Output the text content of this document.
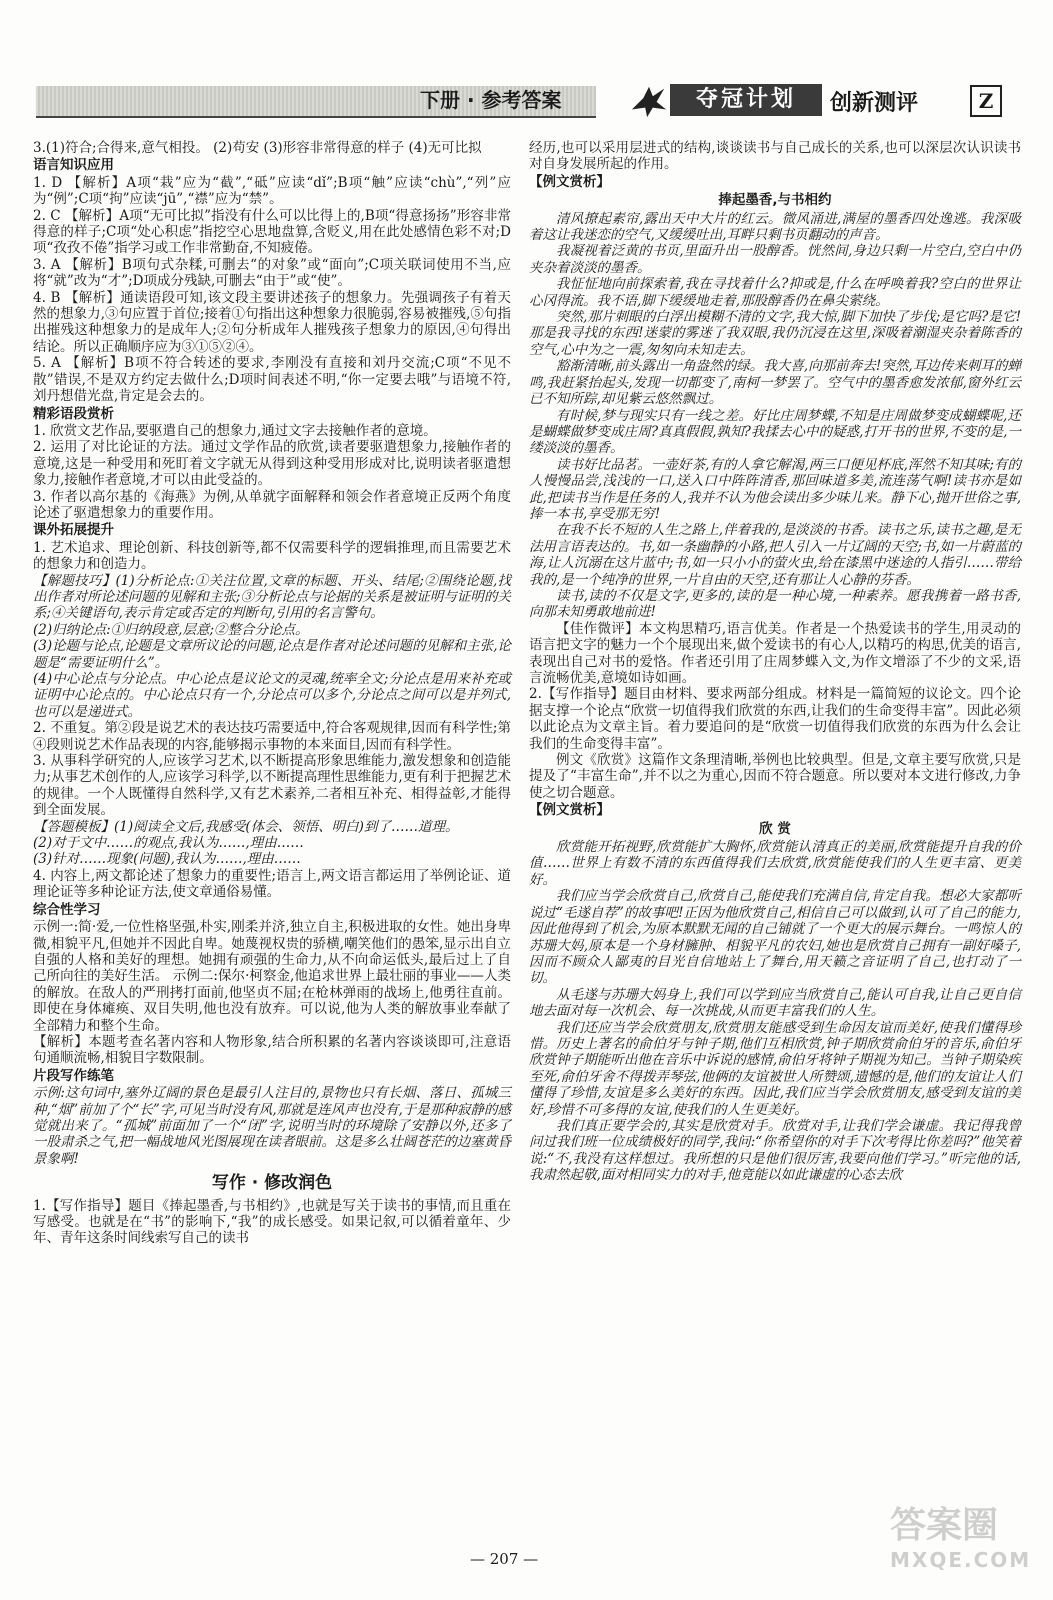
下册 · 参考答案	夺冠计划	创新测评	Z

3.(1)符合;合得来,意气相投。 (2)苟安 (3)形容非常得意的样子 (4)无可比拟

语言知识应用

1. D 【解析】A项“栽”应为“截”,“砥”应读“dǐ”;B项“触”应读“chù”,“列”应为“例”;C项“拘”应读“jū”,“襟”应为“禁”。

2. C 【解析】A项“无可比拟”指没有什么可以比得上的,B项“得意扬扬”形容非常得意的样子;C项“处心积虑”指挖空心思地盘算,含贬义,用在此处感情色彩不对;D项“孜孜不倦”指学习或工作非常勤奋,不知疲倦。

3. A 【解析】B项句式杂糅,可删去“的对象”或“面向”;C项关联词使用不当,应将“就”改为“才”;D项成分残缺,可删去“由于”或“使”。

4. B 【解析】通读语段可知,该文段主要讲述孩子的想象力。先强调孩子有着天然的想象力,③句应置于首位;接着①句指出这种想象力很脆弱,容易被摧残,⑤句指出摧残这种想象力的是成年人;②句分析成年人摧残孩子想象力的原因,④句得出结论。所以正确顺序应为③①⑤②④。

5. A 【解析】B项不符合转述的要求,李刚没有直接和刘丹交流;C项“不见不散”错误,不是双方约定去做什么;D项时间表述不明,“你一定要去哦”与语境不符,刘丹想借光盘,肯定是会去的。

精彩语段赏析

1. 欣赏文艺作品,要驱遣自己的想象力,通过文字去接触作者的意境。

2. 运用了对比论证的方法。通过文学作品的欣赏,读者要驱遣想象力,接触作者的意境,这是一种受用和死盯着文字就无从得到这种受用形成对比,说明读者驱遣想象力,接触作者意境,才可以由此受益的。

3. 作者以高尔基的《海燕》为例,从单就字面解释和领会作者意境正反两个角度论述了驱遣想象力的重要作用。

课外拓展提升

1. 艺术追求、理论创新、科技创新等,都不仅需要科学的逻辑推理,而且需要艺术的想象力和创造力。

【解题技巧】(1)分析论点:①关注位置,文章的标题、开头、结尾;②围绕论题,找出作者对所论述问题的见解和主张;③分析论点与论据的关系是被证明与证明的关系;④关键语句,表示肯定或否定的判断句,引用的名言警句。

(2)归纳论点:①归纳段意,层意;②整合分论点。

(3)论题与论点,论题是文章所议论的问题,论点是作者对论述问题的见解和主张,论题是“需要证明什么”。

(4)中心论点与分论点。中心论点是议论文的灵魂,统率全文;分论点是用来补充或证明中心论点的。中心论点只有一个,分论点可以多个,分论点之间可以是并列式,也可以是递进式。

2. 不重复。第②段是说艺术的表达技巧需要适中,符合客观规律,因而有科学性;第④段则说艺术作品表现的内容,能够揭示事物的本来面目,因而有科学性。

3. 从事科学研究的人,应该学习艺术,以不断提高形象思维能力,激发想象和创造能力;从事艺术创作的人,应该学习科学,以不断提高理性思维能力,更有利于把握艺术的规律。一个人既懂得自然科学,又有艺术素养,二者相互补充、相得益彰,才能得到全面发展。

【答题模板】(1)阅读全文后,我感受(体会、领悟、明白)到了……道理。

(2)对于文中……的观点,我认为……,理由……

(3)针对……现象(问题),我认为……,理由……

4. 内容上,两文都论述了想象力的重要性;语言上,两文语言都运用了举例论证、道理论证等多种论证方法,使文章通俗易懂。

综合性学习

示例一:简·爱,一位性格坚强,朴实,刚柔并济,独立自主,积极进取的女性。她出身卑微,相貌平凡,但她并不因此自卑。她蔑视权贵的骄横,嘲笑他们的愚笨,显示出自立自强的人格和美好的理想。她拥有顽强的生命力,从不向命运低头,最后过上了自己所向往的美好生活。 示例二:保尔·柯察金,他追求世界上最壮丽的事业——人类的解放。在敌人的严刑拷打面前,他坚贞不屈;在枪林弹雨的战场上,他勇往直前。即使在身体瘫痪、双目失明,他也没有放弃。可以说,他为人类的解放事业奉献了全部精力和整个生命。

【解析】本题考查名著内容和人物形象,结合所积累的名著内容谈谈即可,注意语句通顺流畅,相貌目字数限制。

片段写作练笔

示例:这句词中,塞外辽阔的景色是最引人注目的,景物也只有长烟、落日、孤城三种,“烟”前加了个“长”字,可见当时没有风,那就是连风声也没有,于是那种寂静的感觉就出来了。“孤城”前面加了一个“闭”字,说明当时的环境除了安静以外,还多了一股肃杀之气,把一幅战地风光图展现在读者眼前。这是多么壮阔苍茫的边塞黄昏景象啊!

写作 · 修改润色

1.【写作指导】题目《捧起墨香,与书相约》,也就是写关于读书的事情,而且重在写感受。也就是在“书”的影响下,“我”的成长感受。如果记叙,可以循着童年、少年、青年这条时间线索写自己的读书

经历,也可以采用层进式的结构,谈谈读书与自己成长的关系,也可以深层次认识读书对自身发展所起的作用。

【例文赏析】

捧起墨香,与书相约

清风撩起素帘,露出天中大片的红云。微风涌进,满屋的墨香四处逸逃。我深吸着这让我迷恋的空气,又缓缓吐出,耳畔只剩书页翻动的声音。

我凝视着泛黄的书页,里面升出一股醇香。恍然间,身边只剩一片空白,空白中仍夹杂着淡淡的墨香。

我怔怔地向前探索着,我在寻找着什么?抑或是,什么在呼唤着我?空白的世界让心冈得流。我不语,脚下缓缓地走着,那股醇香仍在鼻尖萦绕。

突然,那片刺眼的白浮出模糊不清的文字,我大惊,脚下加快了步伐;是它吗?是它!那是我寻找的东西!迷蒙的雾迷了我双眼,我仍沉浸在这里,深吸着潮湿夹杂着陈香的空气,心中为之一震,匆匆向未知走去。

豁渐清晰,前头露出一角盎然的绿。我大喜,向那前奔去!突然,耳边传来刺耳的蝉鸣,我赶紧抬起头,发现一切都变了,南柯一梦罢了。空气中的墨香愈发浓郁,窗外红云已不知所踪,却见紫云悠然飘过。

有时候,梦与现实只有一线之差。好比庄周梦蝶,不知是庄周做梦变成蝴蝶呢,还是蝴蝶做梦变成庄周?真真假假,孰知?我揉去心中的疑惑,打开书的世界,不变的是,一缕淡淡的墨香。

读书好比品茗。一壶好茶,有的人拿它解渴,两三口便见杯底,浑然不知其味;有的人慢慢品尝,浅浅的一口,送入口中阵阵清香,那回味道多美,流连荡气啊!读书亦是如此,把读书当作是任务的人,我并不认为他会读出多少味儿来。静下心,抛开世俗之事,捧一本书,享受那无穷!

在我不长不短的人生之路上,伴着我的,是淡淡的书香。读书之乐,读书之趣,是无法用言语表达的。书,如一条幽静的小路,把人引入一片辽阔的天空;书,如一片蔚蓝的海,让人沉溺在这片蓝中;书,如一只小小的萤火虫,给在漆黑中迷途的人指引……带给我的,是一个纯净的世界,一片自由的天空,还有那让人心静的芬香。

读书,读的不仅是文字,更多的,读的是一种心境,一种素养。愿我携着一路书香,向那未知勇敢地前进!

【佳作微评】本文构思精巧,语言优美。作者是一个热爱读书的学生,用灵动的语言把文字的魅力一个个展现出来,做个爱读书的有心人,以精巧的构思,优美的语言,表现出自己对书的爱恪。作者还引用了庄周梦蝶入文,为作文增添了不少的文采,语言流畅优美,意境如诗如画。

2.【写作指导】题目由材料、要求两部分组成。材料是一篇简短的议论文。四个论据支撑一个论点“欣赏一切值得我们欣赏的东西,让我们的生命变得丰富”。因此必须以此论点为文章主旨。着力要追问的是“欣赏一切值得我们欣赏的东西为什么会让我们的生命变得丰富”。

例文《欣赏》这篇作文条理清晰,举例也比较典型。但是,文章主要写欣赏,只是提及了“丰富生命”,并不以之为重心,因而不符合题意。所以要对本文进行修改,力争使之切合题意。

【例文赏析】

欣 赏

欣赏能开拓视野,欣赏能扩大胸怀,欣赏能认清真正的美丽,欣赏能提升自我的价值……世界上有数不清的东西值得我们去欣赏,欣赏能使我们的人生更丰富、更美好。

我们应当学会欣赏自己,欣赏自己,能使我们充满自信,肯定自我。想必大家都听说过“毛遂自荐”的故事吧!正因为他欣赏自己,相信自己可以做到,认可了自己的能力,因此他得到了机会,为原本默默无闻的自己铺就了一个更大的展示舞台。一鸣惊人的苏珊大妈,原本是一个身材臃肿、相貌平凡的农妇,她也是欣赏自己拥有一副好嗓子,因而不顾众人鄙夷的目光自信地站上了舞台,用天籁之音证明了自己,也打动了一切。

从毛遂与苏珊大妈身上,我们可以学到应当欣赏自己,能认可自我,让自己更自信地去面对每一次机会、每一次挑战,从而更丰富我们的人生。

我们还应当学会欣赏朋友,欣赏朋友能感受到生命因友谊而美好,使我们懂得珍惜。历史上著名的俞伯牙与钟子期,他们互相欣赏,钟子期欣赏俞伯牙的音乐,俞伯牙欣赏钟子期能听出他在音乐中诉说的感情,俞伯牙将钟子期视为知己。当钟子期染疾至死,俞伯牙舍不得拨弄琴弦,他俩的友谊被世人所赞颂,遗憾的是,他们的友谊让人们懂得了珍惜,友谊是多么美好的东西。因此,我们应当学会欣赏朋友,感受到友谊的美好,珍惜不可多得的友谊,使我们的人生更美好。

我们真正要学会的,其实是欣赏对手。欣赏对手,让我们学会谦虚。我记得我曾问过我们班一位成绩极好的同学,我问:“你希望你的对手下次考得比你差吗?”他笑着说:“不,我没有这样想过。我所想的只是他们很厉害,我要向他们学习。”听完他的话,我肃然起敬,面对相同实力的对手,他竟能以如此谦虚的心态去欣

— 207 —
答案圈
MXQE.COM
